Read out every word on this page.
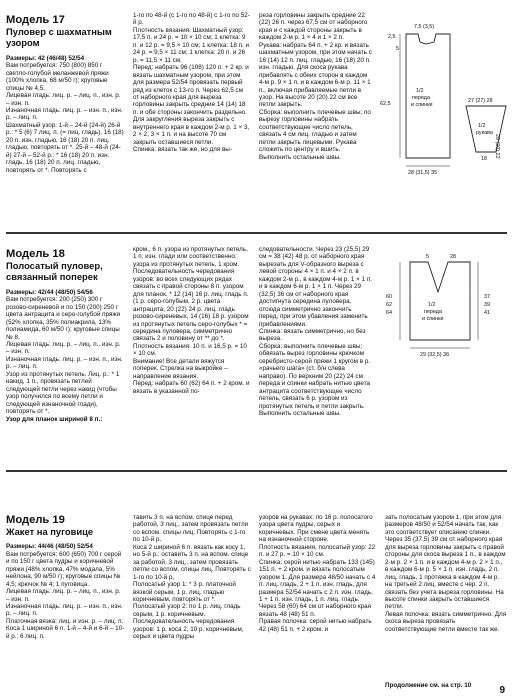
Модель 17

Пуловер с шахматным

узором

Размеры: 42 (46/48) 52/54

Вам потребуется: 750 (800) 850 г светло-голубой меланжевой пряжи (100% хлопка, 68 м/50 г); круговые спицы № 4,5.

Лицевая гладь: лиц. р. – лиц. п., изн. р. – изн. п.

Изнаночная гладь: лиц. р. – изн. п., изн. р. – лиц. п.

Шахматный узор: 1-й – 24-й (24-й) 26-й р.: * 5 (6) 7 лиц. п. (= лиц. гладь), 16 (18) 20 п. изн. гладью, 16 (18) 20 п. лиц. гладью, повторять от *. 25-й – 48-й (24-й) 27-й – 52-й р.: * 16 (18) 20 п. изн. гладь, 16 (18) 20 п. лиц. гладью, повторять от *. Повторять с

1-го по 48-й (с 1-го по 48-й) с 1-го по 52-й р.
Плотность вязания. Шахматный узор: 17,5 п. и 24 р. = 10 × 10 см; 1 клеткa: 9 п. и 12 р. = 9,5 × 10 см; 1 клетка: 18 п. и 24 р. = 9,5 × 11 см; 1 клетка: 20 п. и 26 р. = 11,5 × 11 см.
Перед: набрать 96 (108) 120 п. + 2 кр. и вязать шахматным узором, при этом для размера 52/54 провязать первый ряд из клеток с 13-го п. Через 62,5 см от наборного края для выреза горловины закрыть средние 14 (14) 18 п. и обе стороны закончить раздельно. Для закругления выреза закрыть с внутреннего края в каждом 2-м р. 1 × 3, 2 × 2, 3 × 1 п. и на высоте 70 см закрыть оставшиеся петли.
Спинка: вязать так же, но для вы-
реза горловины закрыть средние 22 (22) 26 п. через 67,5 см от наборного края и с каждой стороны закрыть в каждом 2-м р. 1 × 4 и 1 × 2 п.
Рукава: набрать 64 п. + 2 кр. и вязать шахматным узором, при этом начать с 16 (14) 12 п. лиц. гладью, 16 (18) 20 п. изн. гладью. Для скоса рукава прибавлять с обеих сторон в каждом 4-м р. 9 × 1 п. и в каждом 6-м р. 11 × 1 п., включая прибавляемые петли в узор. На высоте 20 (20) 22 см все петли закрыть.
Сборка: выполнить плечевые швы; по вырезу горловины набрать соответствующее число петель, связать 4 см лиц. гладью и затем петли закрыть лицевыми. Рукава сложить по центру и вшить. Выполнить остальные швы.
62,5
2,5
5
7,5 (3,5)
1/2
переда
и спинки
28 (31,5) 35
27 (27) 28
1/2
рукава
18
20 (20) 22

Модель 18

Полосатый пуловер,

связанный поперек

Размеры: 42/44 (48/50) 54/56

Вам потребуется: 200 (250) 300 г розово-сиреневой и по 150 (200) 250 г цвета антрацита и серо-голубой пряжи (52% хлопка, 35% полиакрила, 13% полиамида, 60 м/50 г); круговые спицы № 8.

Лицевая гладь: лиц. р. – лиц. п., изн. р. – изн. п.

Изнаночная гладь: лиц. р. – изн. п., изн. р. – лиц. п.

Узор из протянутых петель. Лиц. р.: * 1 накид, 1 п., провязать петлей следующей петли через накид (чтобы узор получился по всему петли и следующей изнаночной глади), повторять от *.

Узор для планок шириной 8 п.:

кром., 6 п. узора из протянутых петель, 1 п. изн. глади или соответственно: узора из протянутых петель, 1 кром.
Последовательность чередования узоров: во всех следующих рядах связать с правой стороны 8 п. узором для планок. * 12 (14) 16 р. лиц. гладь п. (1 р. серо-голубым, 2 р. цвета антрацита, 20 (22) 24 р. лиц. гладь розово-сиреневых, 14 (16) 18 р. узором из протянутых петель серо-голубых * = середина пуловера, симметрично связать 2 и половину от ** до *.
Плотность вязания: 10 п. и 16,5 р. = 10 × 10 см.
Внимание! Все детали вяжутся поперек. Стрелка на выкройке – направление вязания.
Перед: набрать 60 (62) 64 п. + 2 кром. и вязать в указанной по-
следовательности. Через 23 (25,5) 29 см = 38 (42) 48 р. от наборного края вырезать для V-образного выреза с левой стороны 4 × 1 п. и 4 × 2 п. в каждом 2-м р., в каждом 4-м р. 1 × 1 п. и в каждом 6-м р. 1 × 1 п. Через 29 (32,5) 36 см от наборного края достигнута середина пуловера, отсюда симметрично закончить перед, при этом убавления заменить прибавлениями.
Спинка: вязать симметрично, но без выреза.
Сборка: выполнить плечевые швы; обвязать вырез горловины крючком серебристо-серой пряжи 1 кругом в р. «рачьего шага» (ст. б/н слева направо). По верхним 20 (22) 24 см переда и спинки набрать нитью цвета антрацита соответствующее число петель, связать 6 р. узором из протянутых петель и петли закрыть. Выполнить остальные швы.
5	28
60
62
64
37
39
41
1/2
переда
и спинки
29 (32,5) 36

Модель 19

Жакет на пуговице

Размеры: 44/46 (48/50) 52/54

Вам потребуется: 600 (650) 700 г серой и по 150 г цвета пудры и коричневой пряжи (48% хлопка, 47% модала, 5% нейлона, 90 м/50 г); круговые спицы № 4,5; крючок № 4; 1 пуговица.

Лицевая гладь: лиц. р. – лиц. п., изн. р. – изн. п.

Изнаночная гладь: лиц. р. – изн. п., изн. р. – лиц. п.

Платочная вязка: лиц. и изн. р. – лиц. п.

Коса 1 шириной 6 п. 1-й – 4-й и 6-й – 10-й р.: 6 лиц. п.

тавить 3 п. на вспом. спице перед работой, 3 лиц., затем провязать петли со вспом. спицы лиц. Повторять с 1-го по 10-й р.
Коса 2 шириной 6 п. вязать как косу 1, но 5-й р.: оставить 3 п. на вспом. спице за работой, 3 лиц., затем провязать петли со вспом. спицы лиц. Повторять с 1-го по 10-й р.
Полосатый узор 1: * 3 р. платочной вязкой серым, 1 р. лиц. гладью коричневым, повторять от *.
Полосатый узор 2: по 1 р. лиц. гладь серым, 1 р. коричневым.
Последовательность чередования узоров: 1 р. коса 2, 10 р. коричневым, серых и цвета пудры
узоров на рукавах: по 16 р. полосатого узора цвета пудры, серых и коричневых. При смене цвета менять на изнаночной стороне.
Плотность вязания, полосатый узор: 22 п. и 27 р. = 10 × 10 см.
Спинка: серой нитью набрать 133 (145) 151 п. + 2 кром. и вязать полосатым узором 1. Для размера 48/50 начать с 4 п. лиц. гладь, 2 + 1 п. изн. гладь, для размера 52/54 начать с 2 п. изн. гладь, 1 + 1 п. изн. гладь, 1 п. лиц. гладь. Через 58 (60) 64 см от наборного края вязать 48 (48) 51 п.
Правая полочка: серой нитью набрать 42 (48) 51 п. + 2 кром. и
зать полосатым узором 1, при этом для размеров 48/50 и 52/54 начать так, как это соответствует описанию спинки. Через 35 (37,5) 39 см от наборного края для выреза горловины закрыть с правой стороны для скоса выреза 1 п., в каждом 2-м р. 2 × 1 п. и в каждом 4-м р. 2 × 1 п., в каждом 6-м р. 5 × 1 п. изн. гладь, 2 п. лиц. гладь, 1 протяжка в каждом 4-м р. на третьей 2 лиц. вместе с чер. 2 п. связать без учета выреза горловины. На высоте спинки закрыть оставшиеся петли.
Левая полочка: вязать симметрично. Для скоса выреза провязать соответствующие петли вместе так же.
Продолжение см. на стр. 10	9
